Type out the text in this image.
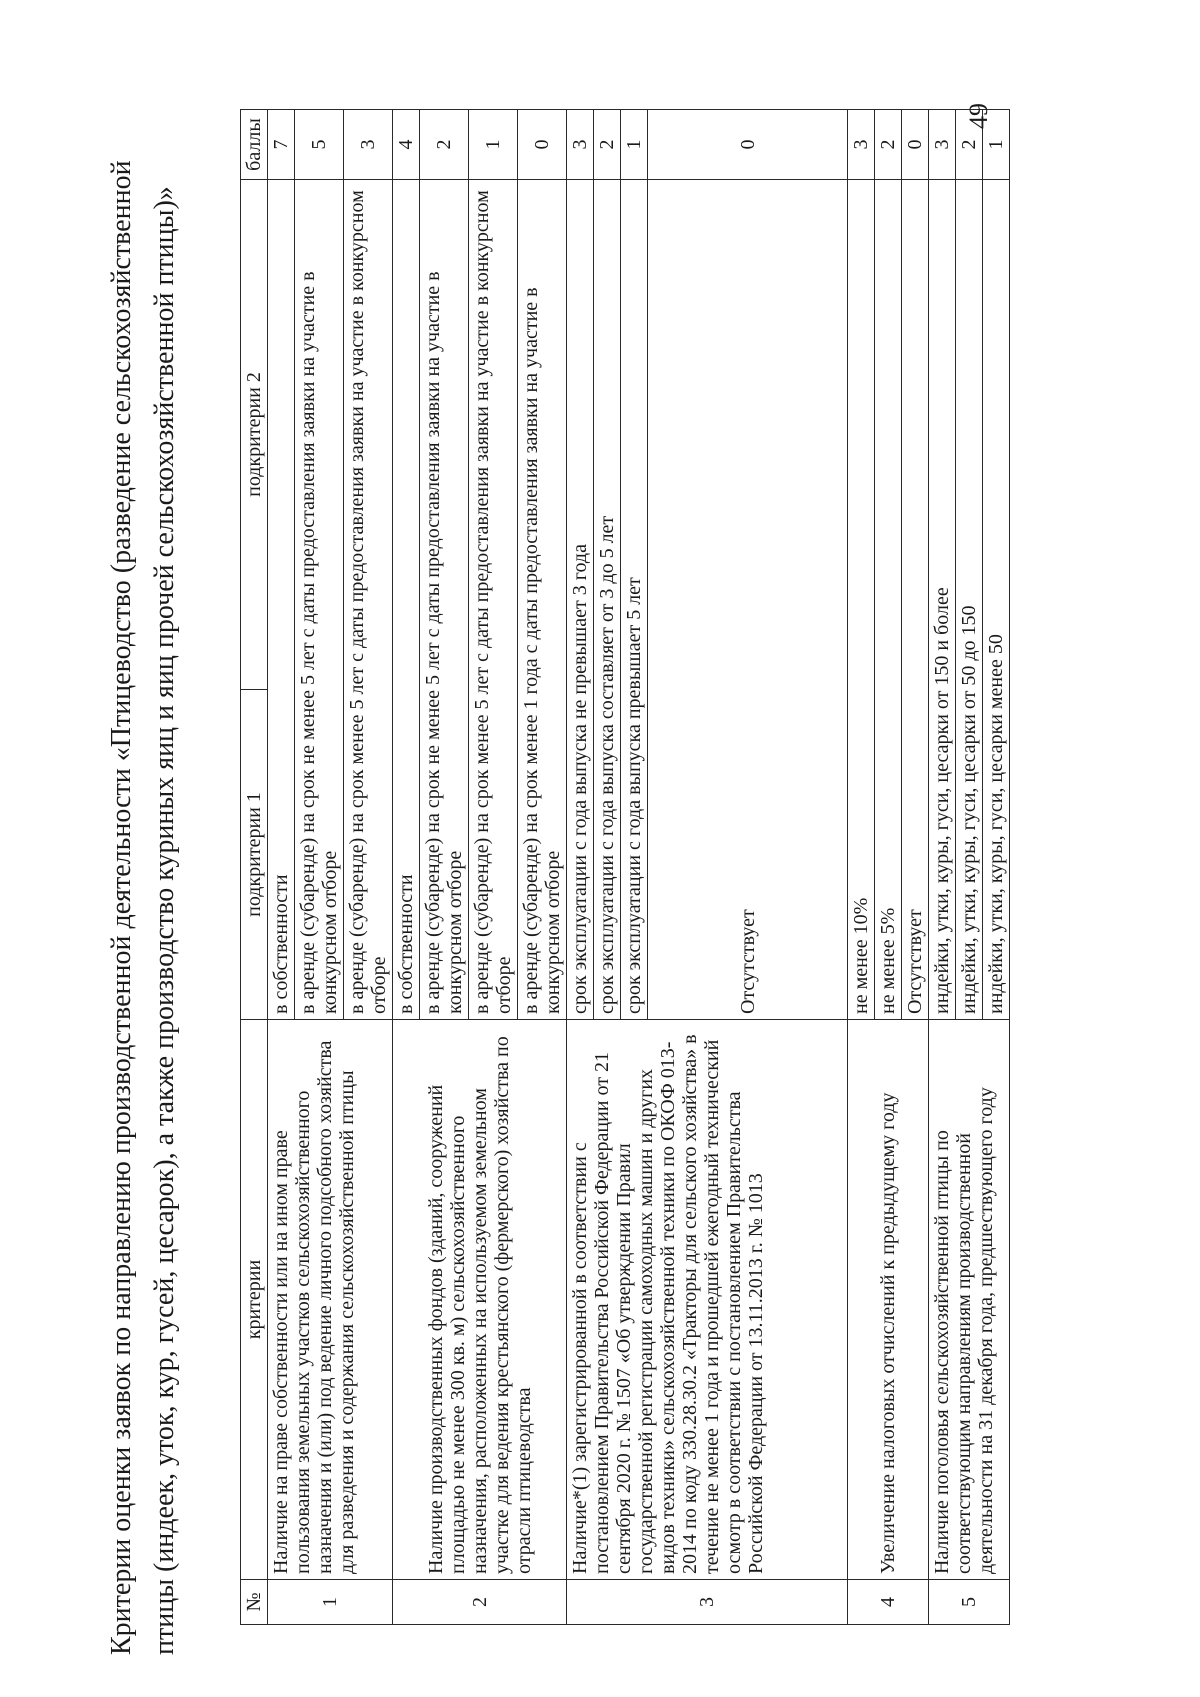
Критерии оценки заявок по направлению производственной деятельности «Птицеводство (разведение сельскохозяйственной птицы (индеек, уток, кур, гусей, цесарок), а также производство куриных яиц и яиц прочей сельскохозяйственной птицы)»	№	критерии	подкритерии 1	подкритерии 2	баллы
1	Наличие на праве собственности или на ином праве пользования земельных участков сельскохозяйственного назначения и (или) под ведение личного подсобного хозяйства для разведения и содержания сельскохозяйственной птицы	в собственности		7
		в аренде (субаренде) на срок не менее 5 лет с даты предоставления заявки на участие в конкурсном отборе		5
		в аренде (субаренде) на срок менее 5 лет с даты предоставления заявки на участие в конкурсном отборе		3
2	Наличие производственных фондов (зданий, сооружений площадью не менее 300 кв. м) сельскохозяйственного назначения, расположенных на используемом земельном участке для ведения крестьянского (фермерского) хозяйства по отрасли птицеводства	в собственности		4
		в аренде (субаренде) на срок не менее 5 лет с даты предоставления заявки на участие в конкурсном отборе		2
		в аренде (субаренде) на срок менее 5 лет с даты предоставления заявки на участие в конкурсном отборе		1
		в аренде (субаренде) на срок менее 1 года с даты предоставления заявки на участие в конкурсном отборе		0
3	Наличие*(1) зарегистрированной в соответствии с постановлением Правительства Российской Федерации от 21 сентября 2020 г. № 1507 «Об утверждении Правил государственной регистрации самоходных машин и других видов техники» сельскохозяйственной техники по ОКОФ 013-2014 по коду 330.28.30.2 «Тракторы для сельского хозяйства» в течение не менее 1 года и прошедшей ежегодный технический осмотр в соответствии с постановлением Правительства Российской Федерации от 13.11.2013 г. № 1013	срок эксплуатации с года выпуска не превышает 3 года		3
		срок эксплуатации с года выпуска составляет от 3 до 5 лет		2
		срок эксплуатации с года выпуска превышает 5 лет		1
		Отсутствует		0
4	Увеличение налоговых отчислений к предыдущему году	не менее 10%		3
		не менее 5%		2
		Отсутствует		0
5	Наличие поголовья сельскохозяйственной птицы по соответствующим направлениям производственной деятельности на 31 декабря года, предшествующего году	индейки, утки, куры, гуси, цесарки от 150 и более		3
		индейки, утки, куры, гуси, цесарки от 50 до 150		2
		индейки, утки, куры, гуси, цесарки менее 50		1
49
